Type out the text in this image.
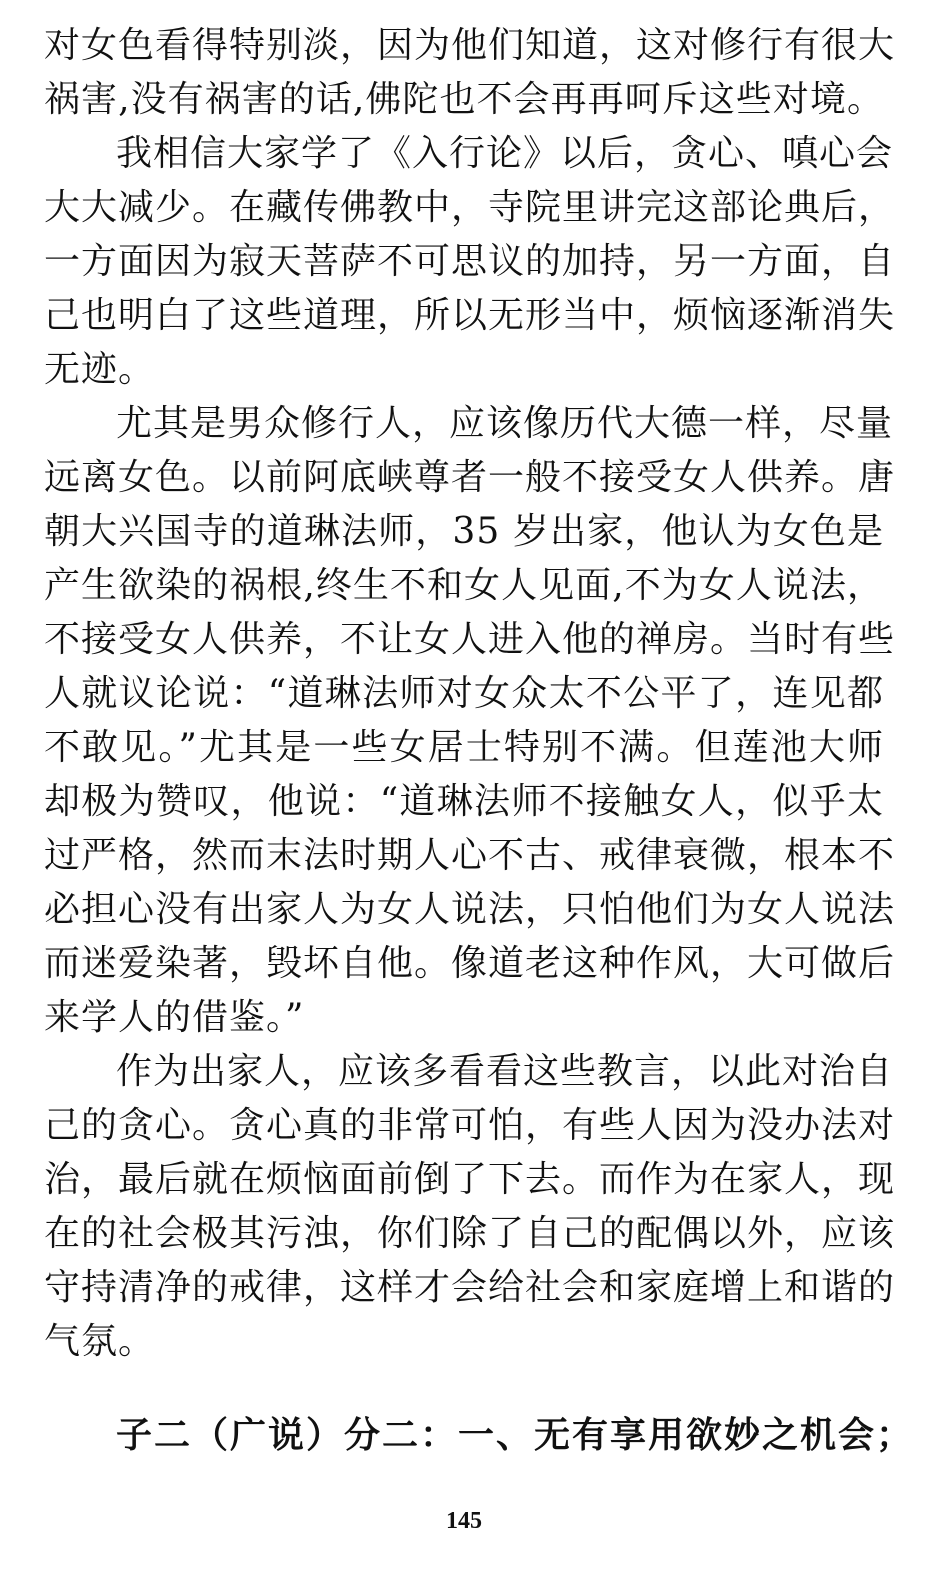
对女色看得特别淡，因为他们知道，这对修行有很大
祸害,没有祸害的话,佛陀也不会再再呵斥这些对境。
我相信大家学了《入行论》以后，贪心、嗔心会
大大减少。在藏传佛教中，寺院里讲完这部论典后，
一方面因为寂天菩萨不可思议的加持，另一方面，自
己也明白了这些道理，所以无形当中，烦恼逐渐消失
无迹。
尤其是男众修行人，应该像历代大德一样，尽量
远离女色。以前阿底峡尊者一般不接受女人供养。唐
朝大兴国寺的道琳法师，35 岁出家，他认为女色是
产生欲染的祸根,终生不和女人见面,不为女人说法，
不接受女人供养，不让女人进入他的禅房。当时有些
人就议论说：“道琳法师对女众太不公平了，连见都
不敢见。”尤其是一些女居士特别不满。但莲池大师
却极为赞叹，他说：“道琳法师不接触女人，似乎太
过严格，然而末法时期人心不古、戒律衰微，根本不
必担心没有出家人为女人说法，只怕他们为女人说法
而迷爱染著，毁坏自他。像道老这种作风，大可做后
来学人的借鉴。”
作为出家人，应该多看看这些教言，以此对治自
己的贪心。贪心真的非常可怕，有些人因为没办法对
治，最后就在烦恼面前倒了下去。而作为在家人，现
在的社会极其污浊，你们除了自己的配偶以外，应该
守持清净的戒律，这样才会给社会和家庭增上和谐的
气氛。
子二（广说）分二：一、无有享用欲妙之机会；
145
